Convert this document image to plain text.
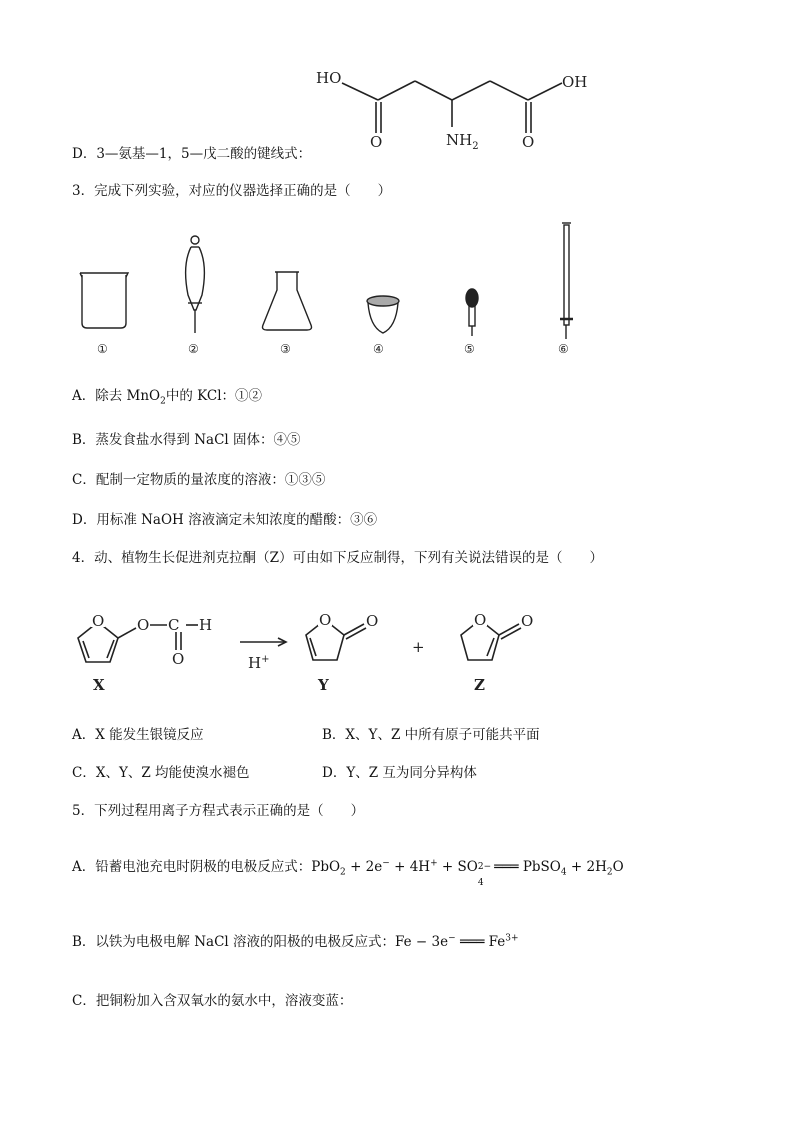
HO	OH
O	O
$NH_2$
D．3—氨基—1，5—戊二酸的键线式：
3．完成下列实验，对应的仪器选择正确的是（　　）
①	②	③	④	⑤	⑥
A．除去 MnO$_2$中的 KCl：①②
B．蒸发食盐水得到 NaCl 固体：④⑤
C．配制一定物质的量浓度的溶液：①③⑤
D．用标准 NaOH 溶液滴定未知浓度的醋酸：③⑥
4．动、植物生长促进剂克拉酮（Z）可由如下反应制得，下列有关说法错误的是（　　）
O O C H
O
X
H+
O O
Y
+
O O
Z
A．X 能发生银镜反应	B．X、Y、Z 中所有原子可能共平面
C．X、Y、Z 均能使溴水褪色	D．Y、Z 互为同分异构体
5．下列过程用离子方程式表示正确的是（　　）
A．铅蓄电池充电时阴极的电极反应式：PbO$_2$ + 2e− + 4H+ + SO 2−
4
═══ PbSO$_4$ + $2H_2O$
B．以铁为电极电解 NaCl 溶液的阳极的电极反应式：Fe − 3e− ═══ $Fe^{3+}$
C．把铜粉加入含双氧水的氨水中，溶液变蓝：
